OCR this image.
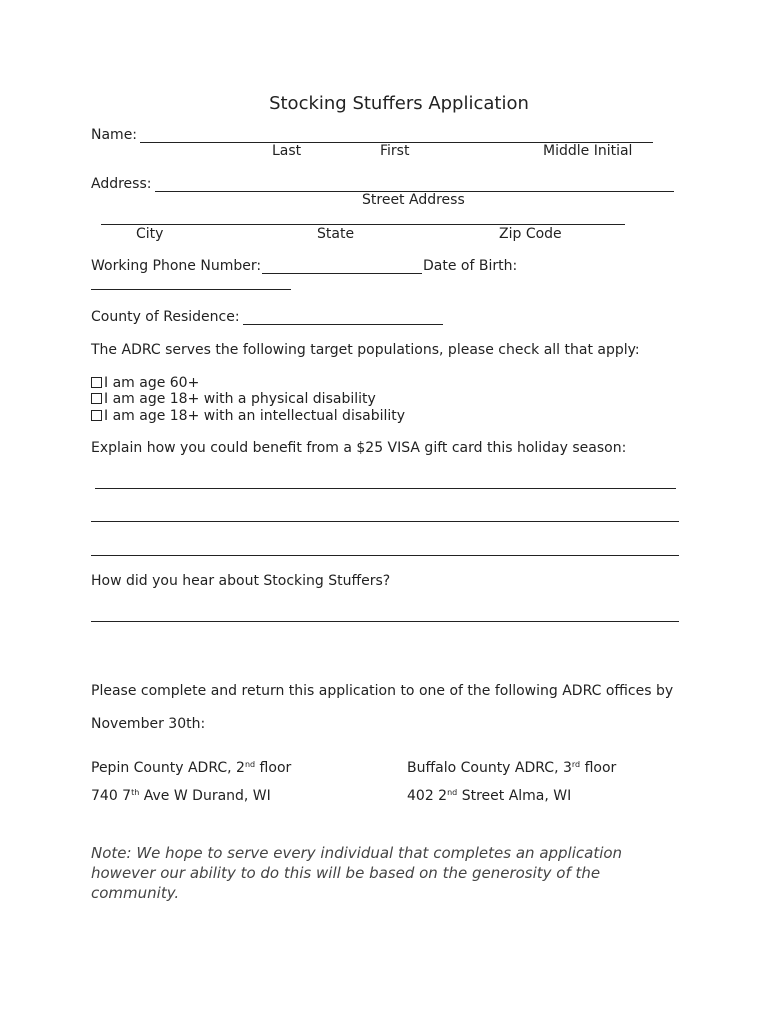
Stocking Stuffers Application
Name:
Last	First	Middle Initial
Address:
Street Address
City	State	Zip Code
Working Phone Number:	Date of Birth:
County of Residence:
The ADRC serves the following target populations, please check all that apply:
I am age 60+
I am age 18+ with a physical disability
I am age 18+ with an intellectual disability
Explain how you could benefit from a $25 VISA gift card this holiday season:
How did you hear about Stocking Stuffers?
Please complete and return this application to one of the following ADRC offices by
November 30th:
Pepin County ADRC, 2nd floor
740 7th Ave W Durand, WI
Buffalo County ADRC, 3rd floor
402 2nd Street Alma, WI
Note: We hope to serve every individual that completes an application however our ability to do this will be based on the generosity of the community.
